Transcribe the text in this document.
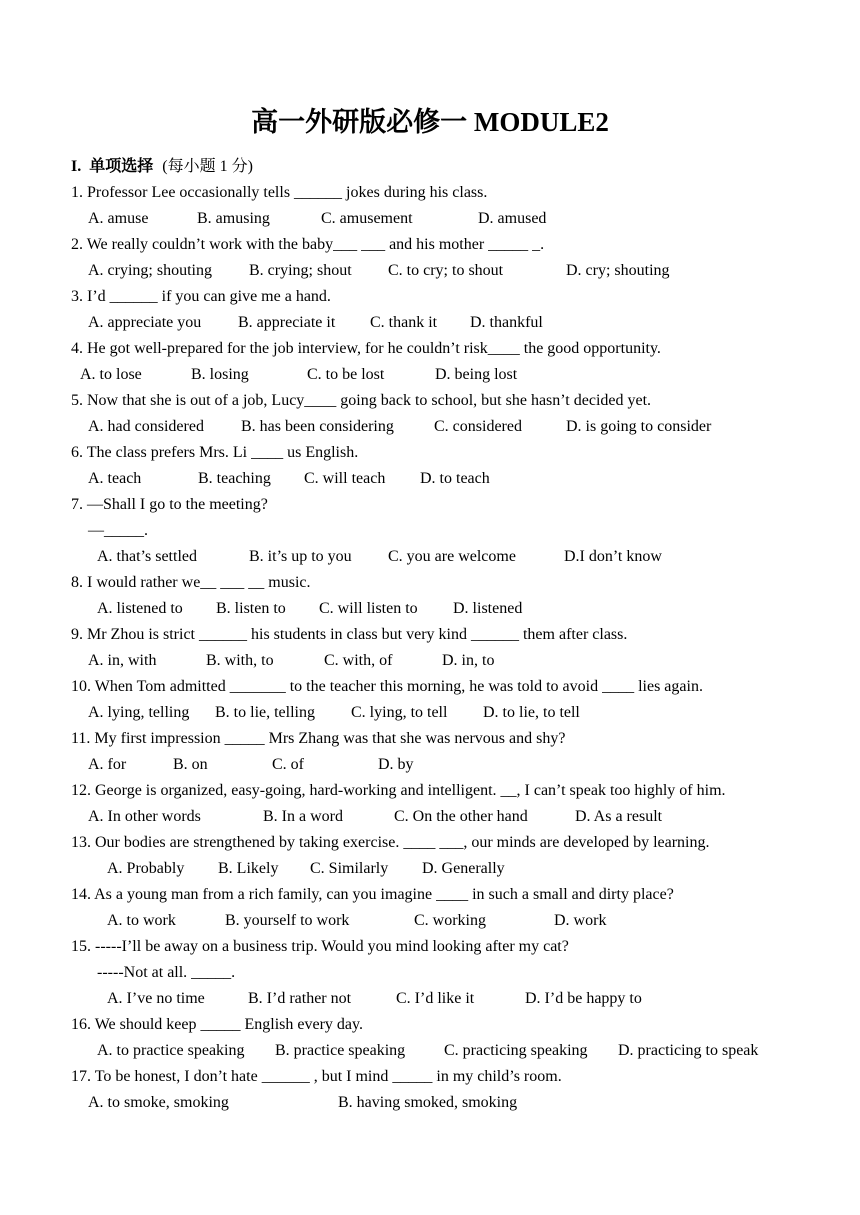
高一外研版必修一 MODULE2
I. 单项选择 (每小题 1 分)
1. Professor Lee occasionally tells ______ jokes during his class.
A. amuse	B. amusing	C. amusement	D. amused
2. We really couldn’t work with the baby___ ___ and his mother _____ _.
A. crying; shouting B. crying; shout C. to cry; to shout	D. cry; shouting
3. I’d ______ if you can give me a hand.
A. appreciate you B. appreciate it C. thank it D. thankful
4. He got well-prepared for the job interview, for he couldn’t risk____ the good opportunity.
A. to lose	B. losing	C. to be lost	D. being lost
5. Now that she is out of a job, Lucy____ going back to school, but she hasn’t decided yet.
A. had considered B. has been considering	C. considered	D. is going to consider
6. The class prefers Mrs. Li ____ us English.
A. teach	B. teaching C. will teach D. to teach
7. —Shall I go to the meeting?
—_____.
A. that’s settled	B. it’s up to you C. you are welcome	D.I don’t know
8. I would rather we__ ___ __ music.
A. listened to B. listen to C. will listen to D. listened
9. Mr Zhou is strict ______ his students in class but very kind ______ them after class.
A. in, with	B. with, to	C. with, of	D. in, to
10. When Tom admitted _______ to the teacher this morning, he was told to avoid ____ lies again.
A. lying, telling B. to lie, telling C. lying, to tell D. to lie, to tell
11. My first impression _____ Mrs Zhang was that she was nervous and shy?
A. for	B. on	C. of	D. by
12. George is organized, easy-going, hard-working and intelligent. __, I can’t speak too highly of him.
A. In other words	B. In a word	C. On the other hand	D. As a result
13. Our bodies are strengthened by taking exercise. ____ ___, our minds are developed by learning.
A. Probably B. Likely C. Similarly D. Generally
14. As a young man from a rich family, can you imagine ____ in such a small and dirty place?
A. to work	B. yourself to work	C. working	D. work
15. -----I’ll be away on a business trip. Would you mind looking after my cat?
-----Not at all. _____.
A. I’ve no time	B. I’d rather not	C. I’d like it	D. I’d be happy to
16. We should keep _____ English every day.
A. to practice speaking B. practice speaking C. practicing speaking D. practicing to speak
17. To be honest, I don’t hate ______ , but I mind _____ in my child’s room.
A. to smoke, smoking	B. having smoked, smoking
